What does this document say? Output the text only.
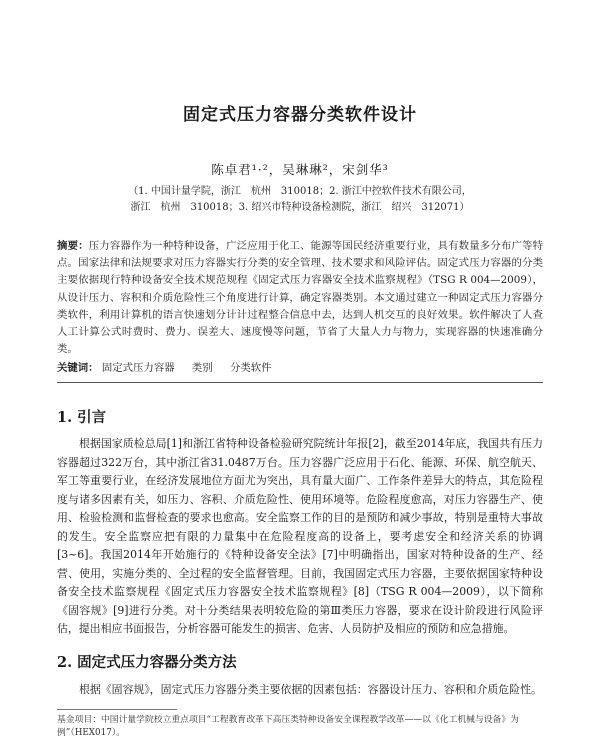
固定式压力容器分类软件设计
陈卓君¹·²，吴琳琳²，宋剑华³
（1. 中国计量学院，浙江　杭州　310018；2. 浙江中控软件技术有限公司，
浙江　杭州　310018；3. 绍兴市特种设备检测院，浙江　绍兴　312071）
摘要：压力容器作为一种特种设备，广泛应用于化工、能源等国民经济重要行业，具有数量多分布广等特点。国家法律和法规要求对压力容器实行分类的安全管理、技术要求和风险评估。固定式压力容器的分类主要依据现行特种设备安全技术规范规程《固定式压力容器安全技术监察规程》（TSG R 004—2009），从设计压力、容积和介质危险性三个角度进行计算，确定容器类别。本文通过建立一种固定式压力容器分类软件，利用计算机的语言快速划分计计过程整合信息中去，达到人机交互的良好效果。软件解决了人查人工计算公式时费时、费力、误差大、速度慢等问题，节省了大量人力与物力，实现容器的快速准确分类。
关键词： 固定式压力容器 类别 分类软件
1. 引言
根据国家质检总局[1]和浙江省特种设备检验研究院统计年报[2]，截至2014年底，我国共有压力容器超过322万台，其中浙江省31.0487万台。压力容器广泛应用于石化、能源、环保、航空航天、军工等重要行业，在经济发展地位方面尤为突出，具有量大面广、工作条件差异大的特点，其危险程度与诸多因素有关，如压力、容积、介质危险性、使用环境等。危险程度愈高，对压力容器生产、使用、检验检测和监督检查的要求也愈高。安全监察工作的目的是预防和减少事故，特别是重特大事故的发生。安全监察应把有限的力量集中在危险程度高的设备上，要考虑安全和经济关系的协调[3~6]。我国2014年开始施行的《特种设备安全法》[7]中明确指出，国家对特种设备的生产、经营、使用，实施分类的、全过程的安全监督管理。目前，我国固定式压力容器，主要依据国家特种设备安全技术监察规程《固定式压力容器安全技术监察规程》[8]（TSG R 004—2009），以下简称《固容规》[9]进行分类。对十分类结果表明较危险的第Ⅲ类压力容器，要求在设计阶段进行风险评估，提出相应书面报告，分析容器可能发生的损害、危害、人员防护及相应的预防和应急措施。
2. 固定式压力容器分类方法
根据《固容规》，固定式压力容器分类主要依据的因素包括：容器设计压力、容积和介质危险性。
基金项目：中国计量学院校立重点项目“工程教育改革下高压类特种设备安全课程教学改革——以《化工机械与设备》为例”（HEX017）。
